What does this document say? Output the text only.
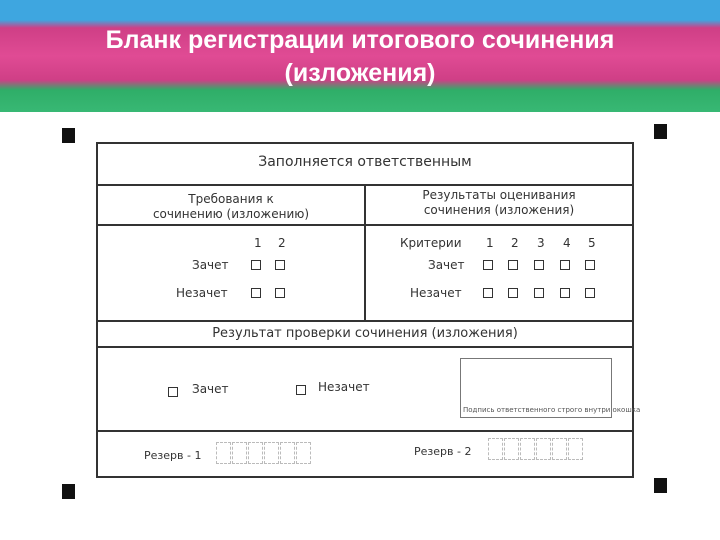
Бланк регистрации итогового сочинения
(изложения)
Заполняется ответственным
Требования к
сочинению (изложению)
Результаты оценивания
сочинения (изложения)
1 2
Зачет
Незачет
Критерии 1 2 3 4 5
Зачет
Незачет
Результат проверки сочинения (изложения)
Зачет	Незачет
Подпись ответственного строго внутри окошка
Резерв - 1	Резерв - 2
